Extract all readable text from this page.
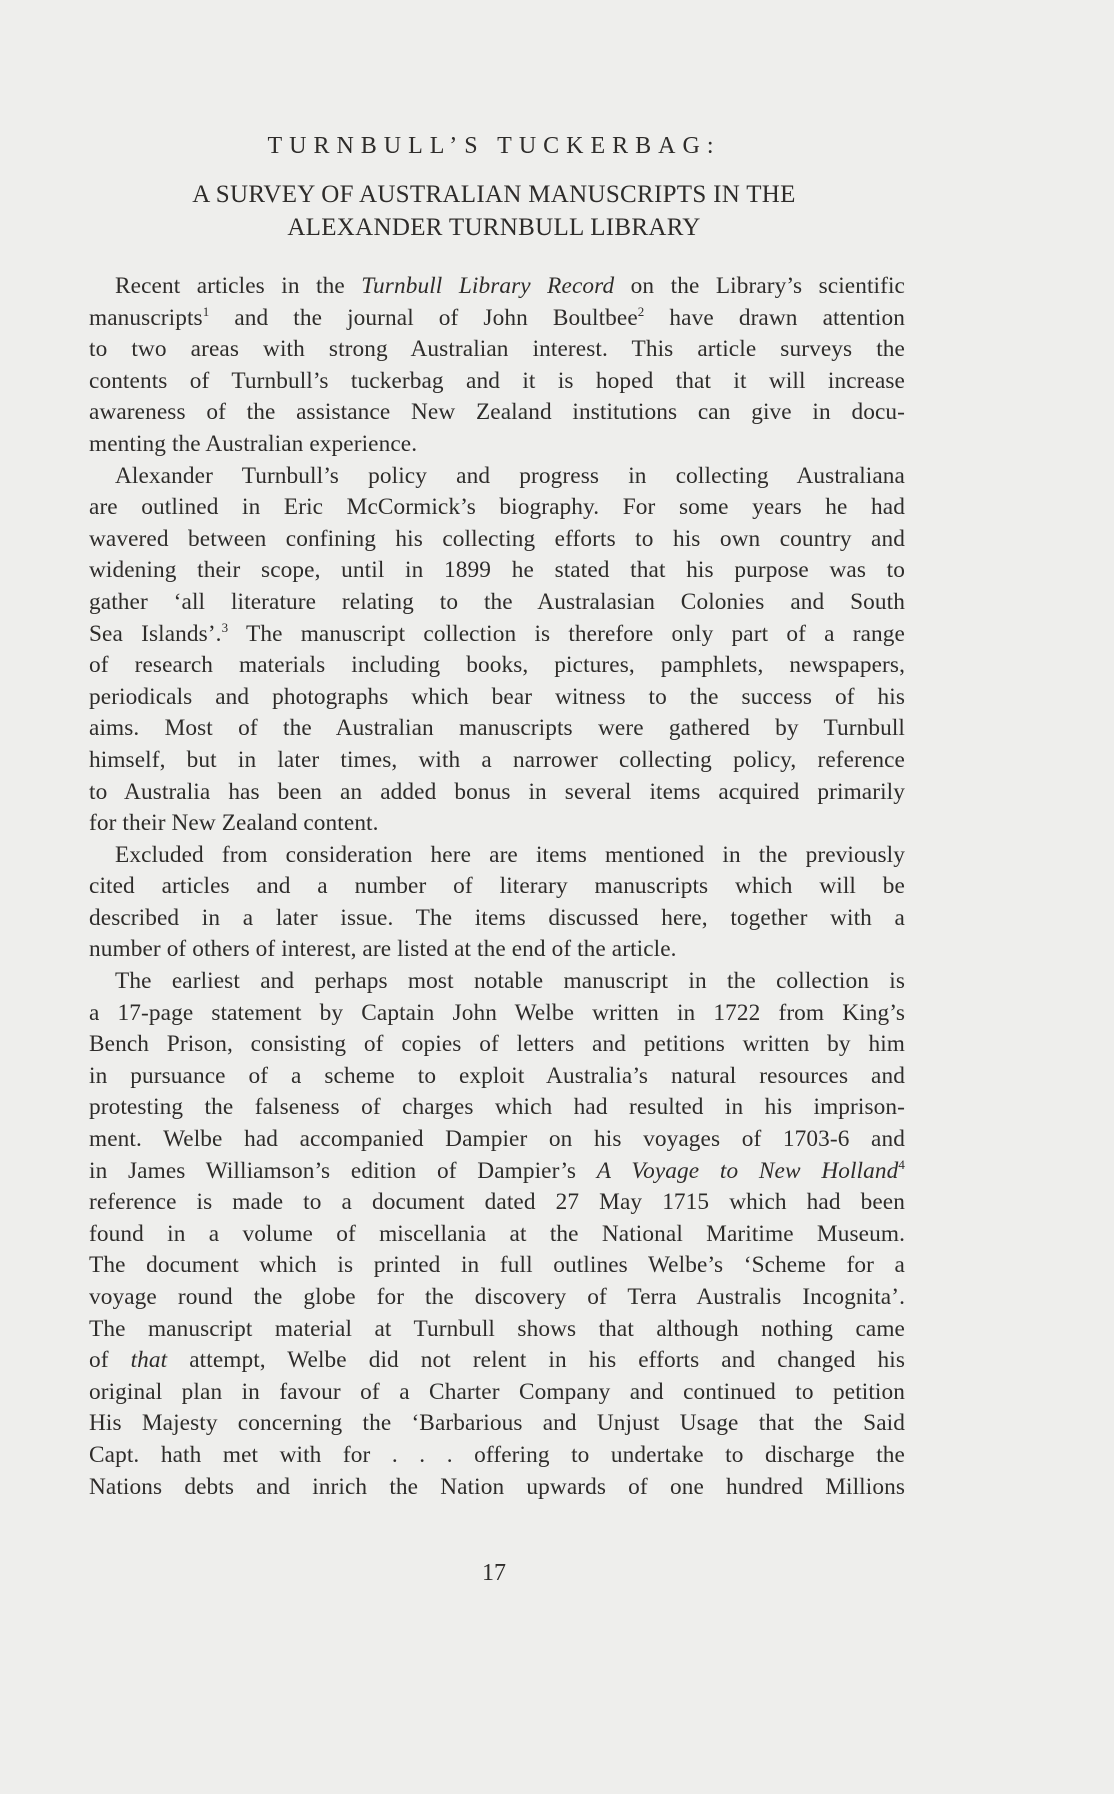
TURNBULL’S TUCKERBAG:
A SURVEY OF AUSTRALIAN MANUSCRIPTS IN THE
ALEXANDER TURNBULL LIBRARY
Recent articles in the Turnbull Library Record on the Library’s scientific
manuscripts$^1$ and the journal of John Boultbee$^2$ have drawn attention
to two areas with strong Australian interest. This article surveys the
contents of Turnbull’s tuckerbag and it is hoped that it will increase
awareness of the assistance New Zealand institutions can give in docu-
menting the Australian experience.
Alexander Turnbull’s policy and progress in collecting Australiana
are outlined in Eric McCormick’s biography. For some years he had
wavered between confining his collecting efforts to his own country and
widening their scope, until in 1899 he stated that his purpose was to
gather ‘all literature relating to the Australasian Colonies and South
Sea Islands’.$^3$ The manuscript collection is therefore only part of a range
of research materials including books, pictures, pamphlets, newspapers,
periodicals and photographs which bear witness to the success of his
aims. Most of the Australian manuscripts were gathered by Turnbull
himself, but in later times, with a narrower collecting policy, reference
to Australia has been an added bonus in several items acquired primarily
for their New Zealand content.
Excluded from consideration here are items mentioned in the previously
cited articles and a number of literary manuscripts which will be
described in a later issue. The items discussed here, together with a
number of others of interest, are listed at the end of the article.
The earliest and perhaps most notable manuscript in the collection is
a 17-page statement by Captain John Welbe written in 1722 from King’s
Bench Prison, consisting of copies of letters and petitions written by him
in pursuance of a scheme to exploit Australia’s natural resources and
protesting the falseness of charges which had resulted in his imprison-
ment. Welbe had accompanied Dampier on his voyages of 1703-6 and
in James Williamson’s edition of Dampier’s A Voyage to New Holland$^4$
reference is made to a document dated 27 May 1715 which had been
found in a volume of miscellania at the National Maritime Museum.
The document which is printed in full outlines Welbe’s ‘Scheme for a
voyage round the globe for the discovery of Terra Australis Incognita’.
The manuscript material at Turnbull shows that although nothing came
of that attempt, Welbe did not relent in his efforts and changed his
original plan in favour of a Charter Company and continued to petition
His Majesty concerning the ‘Barbarious and Unjust Usage that the Said
Capt. hath met with for . . . offering to undertake to discharge the
Nations debts and inrich the Nation upwards of one hundred Millions
17
